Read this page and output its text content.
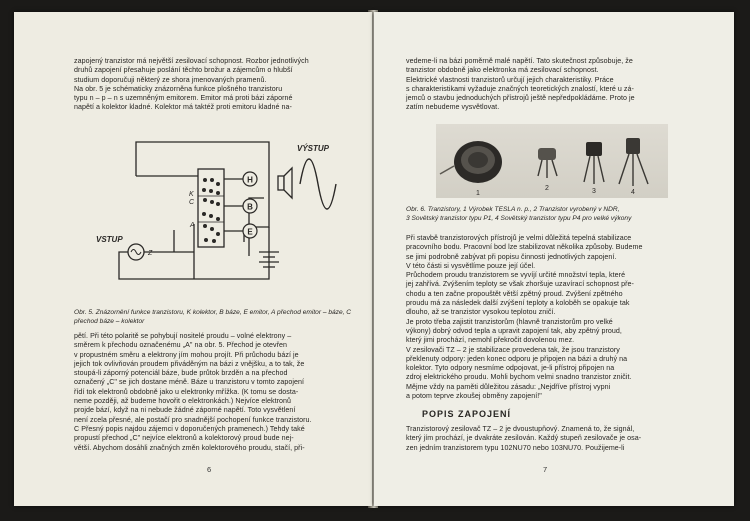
zapojený tranzistor má největší zesilovací schopnost. Rozbor jednotlivých
druhů zapojení přesahuje poslání těchto brožur a zájemcům o hlubší
studium doporučuji některý ze shora jmenovaných pramenů.
Na obr. 5 je schématicky znázorněna funkce plošného tranzistoru
typu n – p – n s uzemněným emitorem. Emitor má proti bázi záporné
napětí a kolektor kladné. Kolektor má taktéž proti emitoru kladné na-
H
B
E
VÝSTUP
VSTUP
Z
K
C
A
Obr. 5. Znázornění funkce tranzistoru, K kolektor, B báze, E emitor, A přechod emitor – báze, C přechod báze – kolektor
pětí. Při této polaritě se pohybují nositelé proudu – volné elektrony –
směrem k přechodu označenému „A" na obr. 5. Přechod je otevřen
v propustném směru a elektrony jím mohou projít. Při průchodu bází je
jejich tok ovlivňován proudem přiváděným na bázi z vnějšku, a to tak, že
stoupá-li záporný potenciál báze, bude průtok brzděn a na přechod
označený „C" se jich dostane méně. Báze u tranzistoru v tomto zapojení
řídí tok elektronů obdobně jako u elektronky mřížka. (K tomu se dosta-
neme později, až budeme hovořit o elektronkách.) Nejvíce elektronů
projde bází, když na ni nebude žádné záporné napětí. Toto vysvětlení
není zcela přesné, ale postačí pro snadnější pochopení funkce tranzistoru.
C Přesný popis najdou zájemci v doporučených pramenech.) Tehdy také
propustí přechod „C" nejvíce elektronů a kolektorový proud bude nej-
větší. Abychom dosáhli značných změn kolektorového proudu, stačí, při-
6
vedeme-li na bázi poměrně malé napětí. Tato skutečnost způsobuje, že
tranzistor obdobně jako elektronka má zesilovací schopnost.
Elektrické vlastnosti tranzistorů určují jejich charakteristiky. Práce
s charakteristikami vyžaduje značných teoretických znalostí, které u zá-
jemců o stavbu jednoduchých přístrojů ještě nepředpokládáme. Proto je
zatím nebudeme vysvětlovat.
1
2	3	4
Obr. 6. Tranzistory, 1 Výrobek TESLA n. p., 2 Tranzistor vyrobený v NDR,
3 Sovětský tranzistor typu P1, 4 Sovětský tranzistor typu P4 pro velké výkony
Při stavbě tranzistorových přístrojů je velmi důležitá tepelná stabilizace
pracovního bodu. Pracovní bod lze stabilizovat několika způsoby. Budeme
se jimi podrobně zabývat při popisu činnosti jednotlivých zapojení.
V této části si vysvětlíme pouze její účel.
Průchodem proudu tranzistorem se vyvíjí určité množství tepla, které
jej zahřívá. Zvýšením teploty se však zhoršuje uzavírací schopnost pře-
chodu a ten začne propouštět větší zpětný proud. Zvýšení zpětného
proudu má za následek další zvýšení teploty a koloběh se opakuje tak
dlouho, až se tranzistor vysokou teplotou zničí.
Je proto třeba zajistit tranzistorům (hlavně tranzistorům pro velké
výkony) dobrý odvod tepla a upravit zapojení tak, aby zpětný proud,
který jimi prochází, nemohl překročit dovolenou mez.
V zesilovači TZ – 2 je stabilizace provedena tak, že jsou tranzistory
překlenuty odpory: jeden konec odporu je připojen na bázi a druhý na
kolektor. Tyto odpory nesmíme odpojovat, je-li přístroj připojen na
zdroj elektrického proudu. Mohli bychom velmi snadno tranzistor zničit.
Mějme vždy na paměti důležitou zásadu: „Nejdříve přístroj vypni
a potom teprve zkoušej obměny zapojení!"
POPIS ZAPOJENÍ
Tranzistorový zesilovač TZ – 2 je dvoustupňový. Znamená to, že signál,
který jím prochází, je dvakráte zesilován. Každý stupeň zesilovače je osa-
zen jedním tranzistorem typu 102NU70 nebo 103NU70. Použijeme-li
7
